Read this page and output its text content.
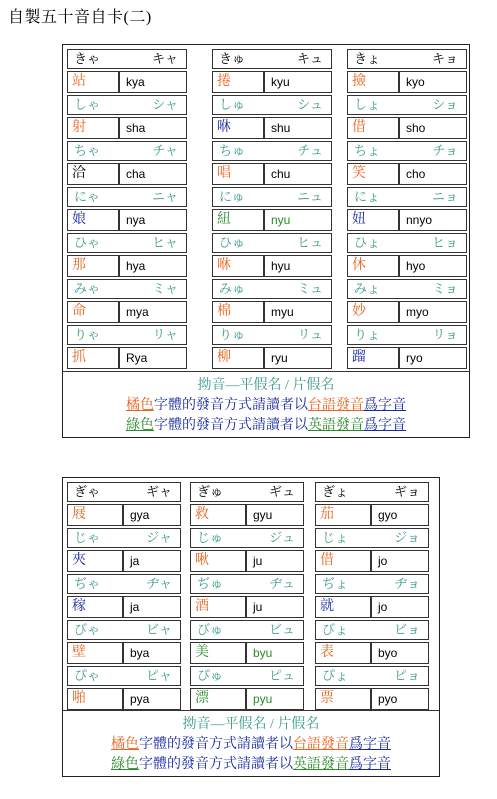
自製五十音自卡(二)
きゃ	キャ
站	kya
しゃ	シャ
射	sha
ちゃ	チャ
洽	cha
にゃ	ニャ
娘	nya
ひゃ	ヒャ
那	hya
みゃ	ミャ
命	mya
りゃ	リャ
抓	Rya
きゅ	キュ
捲	kyu
しゅ	シュ
咻	shu
ちゅ	チュ
唱	chu
にゅ	ニュ
紐	nyu
ひゅ	ヒュ
咻	hyu
みゅ	ミュ
棉	myu
りゅ	リュ
柳	ryu
きょ	キョ
撿	kyo
しょ	ショ
借	sho
ちょ	チョ
笑	cho
にょ	ニョ
妞	nnyo
ひょ	ヒョ
休	hyo
みょ	ミョ
妙	myo
りょ	リョ
蹓	ryo
拗音—平假名 / 片假名
橘色字體的發音方式請讀者以台語發音爲字音
綠色字體的發音方式請讀者以英語發音爲字音
ぎゃ	ギャ
屐	gya
じゃ	ジャ
夾	ja
ぢゃ	ヂャ
稼	ja
びゃ	ビャ
壁	bya
ぴゃ	ピャ
啪	pya
ぎゅ	ギュ
救	gyu
じゅ	ジュ
啾	ju
ぢゅ	ヂュ
酒	ju
びゅ	ビュ
美	byu
ぴゅ	ピュ
漂	pyu
ぎょ	ギョ
茄	gyo
じょ	ジョ
借	jo
ぢょ	ヂョ
就	jo
びょ	ビョ
表	byo
ぴょ	ピョ
票	pyo
拗音—平假名 / 片假名
橘色字體的發音方式請讀者以台語發音爲字音
綠色字體的發音方式請讀者以英語發音爲字音
